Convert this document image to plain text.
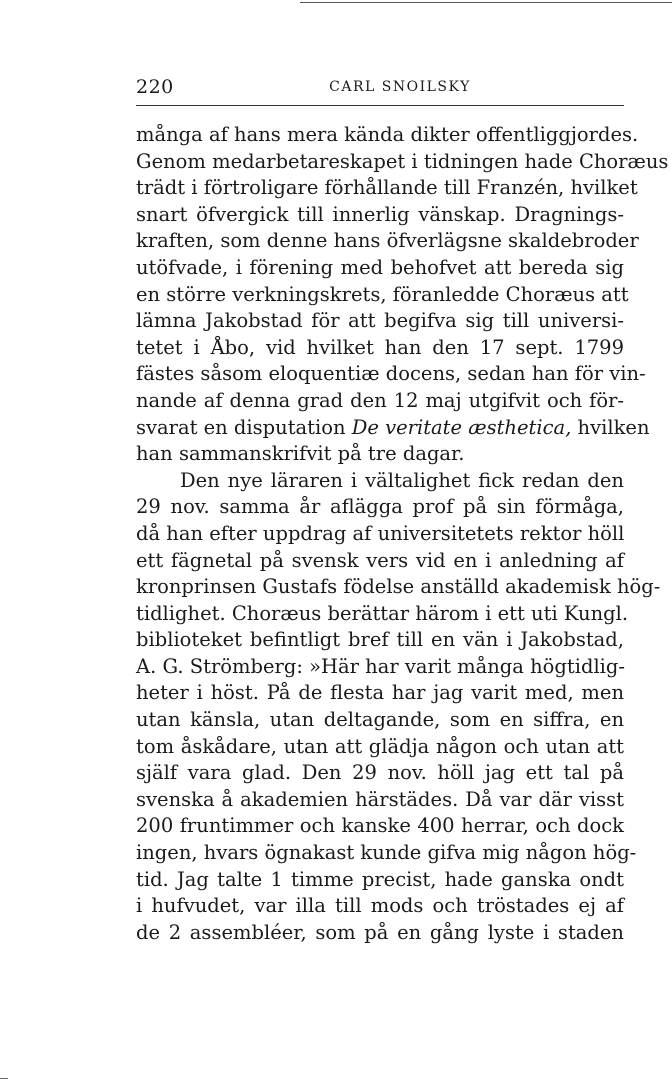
220	CARL SNOILSKY
många af hans mera kända dikter offentliggjordes.
Genom medarbetareskapet i tidningen hade Choræus
trädt i förtroligare förhållande till Franzén, hvilket
snart öfvergick till innerlig vänskap. Dragnings-
kraften, som denne hans öfverlägsne skaldebroder
utöfvade, i förening med behofvet att bereda sig
en större verkningskrets, föranledde Choræus att
lämna Jakobstad för att begifva sig till universi-
tetet i Åbo, vid hvilket han den 17 sept. 1799
fästes såsom eloquentiæ docens, sedan han för vin-
nande af denna grad den 12 maj utgifvit och för-
svarat en disputation De veritate æsthetica, hvilken
han sammanskrifvit på tre dagar.
Den nye läraren i vältalighet fick redan den
29 nov. samma år aflägga prof på sin förmåga,
då han efter uppdrag af universitetets rektor höll
ett fägnetal på svensk vers vid en i anledning af
kronprinsen Gustafs födelse anställd akademisk hög-
tidlighet. Choræus berättar härom i ett uti Kungl.
biblioteket befintligt bref till en vän i Jakobstad,
A. G. Strömberg: »Här har varit många högtidlig-
heter i höst. På de flesta har jag varit med, men
utan känsla, utan deltagande, som en siffra, en
tom åskådare, utan att glädja någon och utan att
själf vara glad. Den 29 nov. höll jag ett tal på
svenska å akademien härstädes. Då var där visst
200 fruntimmer och kanske 400 herrar, och dock
ingen, hvars ögnakast kunde gifva mig någon hög-
tid. Jag talte 1 timme precist, hade ganska ondt
i hufvudet, var illa till mods och tröstades ej af
de 2 assembléer, som på en gång lyste i staden
